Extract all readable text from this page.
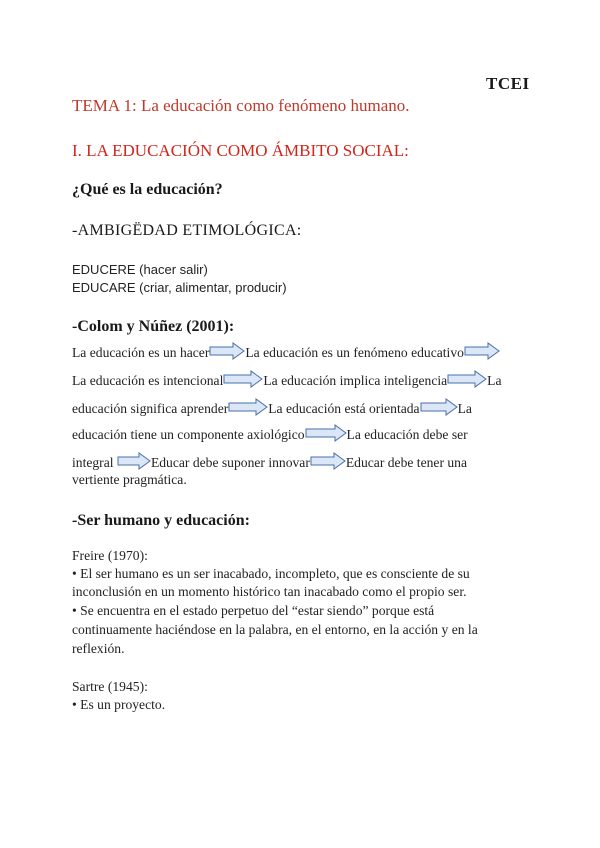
TCEI
TEMA 1: La educación como fenómeno humano.
I. LA EDUCACIÓN COMO ÁMBITO SOCIAL:
¿Qué es la educación?
-AMBIGËDAD ETIMOLÓGICA:
EDUCERE (hacer salir)
EDUCARE (criar, alimentar, producir)
-Colom y Núñez (2001):
La educación es un hacer	La educación es un fenómeno educativo
La educación es intencional	La educación implica inteligencia	La
educación significa aprender	La educación está orientada	La
educación tiene un componente axiológico	La educación debe ser
integral	Educar debe suponer innovar	Educar debe tener una
vertiente pragmática.
-Ser humano y educación:
Freire (1970):
• El ser humano es un ser inacabado, incompleto, que es consciente de su
inconclusión en un momento histórico tan inacabado como el propio ser.
• Se encuentra en el estado perpetuo del “estar siendo” porque está
continuamente haciéndose en la palabra, en el entorno, en la acción y en la
reflexión.
Sartre (1945):
• Es un proyecto.
